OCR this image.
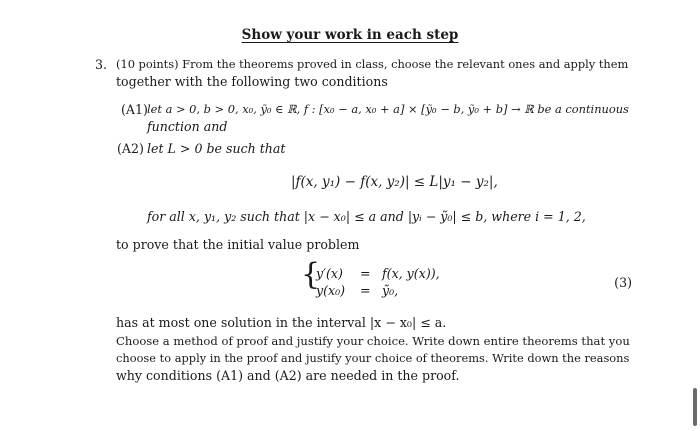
Show your work in each step
3. (10 points) From the theorems proved in class, choose the relevant ones and apply them
together with the following two conditions
(A1) let a > 0, b > 0, x₀, ỹ₀ ∈ ℝ, f : [x₀ − a, x₀ + a] × [ỹ₀ − b, ỹ₀ + b] → ℝ be a continuous
function and
(A2) let L > 0 be such that
|f(x, y₁) − f(x, y₂)| ≤ L|y₁ − y₂|,
for all x, y₁, y₂ such that |x − x₀| ≤ a and |yᵢ − ỹ₀| ≤ b, where i = 1, 2,
to prove that the initial value problem
{
y′(x) = f(x, y(x)),
y(x₀) = ỹ₀,
(3)
has at most one solution in the interval |x − x₀| ≤ a.
Choose a method of proof and justify your choice. Write down entire theorems that you
choose to apply in the proof and justify your choice of theorems. Write down the reasons
why conditions (A1) and (A2) are needed in the proof.
